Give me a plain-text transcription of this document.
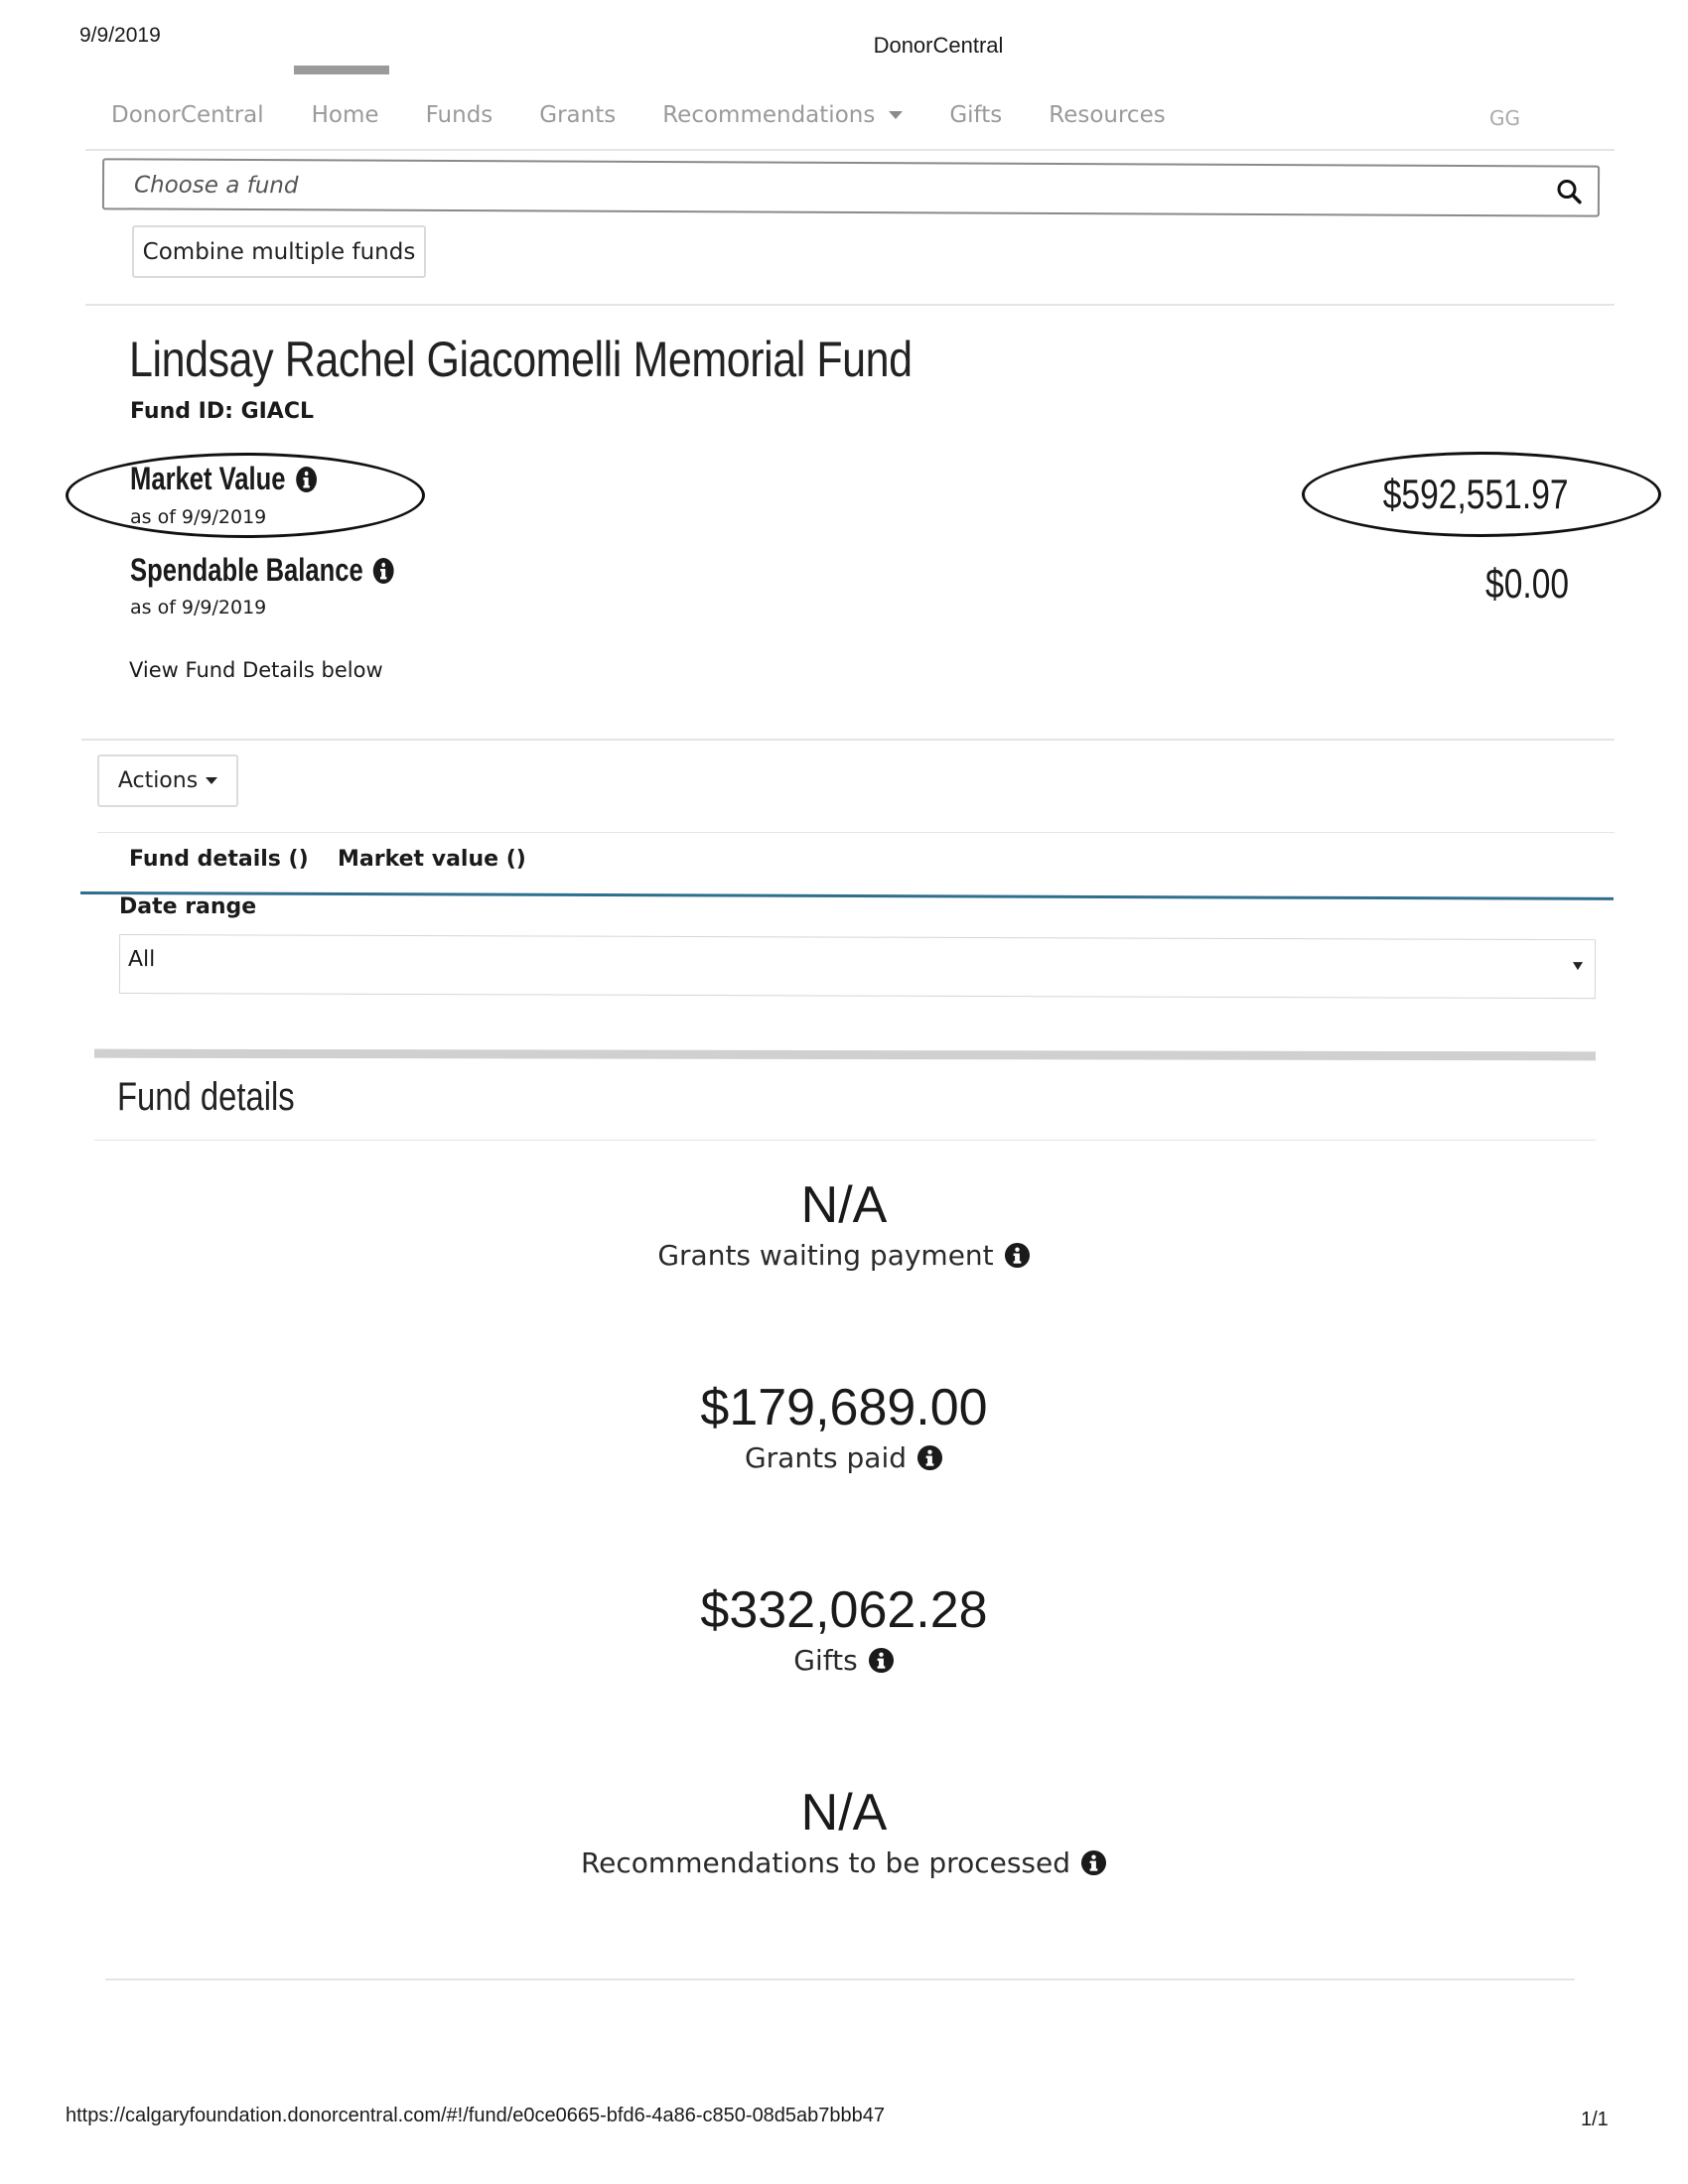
9/9/2019	DonorCentral
DonorCentral Home Funds Grants Recommendations	Gifts Resources	GG
Choose a fund
Combine multiple funds
Lindsay Rachel Giacomelli Memorial Fund
Fund ID: GIACL
Market Value
as of 9/9/2019	$592,551.97
Spendable Balance
as of 9/9/2019
$0.00
View Fund Details below
Actions
Fund details () Market value ()
Date range
All
Fund details
N/A
Grants waiting payment
$179,689.00
Grants paid
$332,062.28
Gifts
N/A
Recommendations to be processed
https://calgaryfoundation.donorcentral.com/#!/fund/e0ce0665-bfd6-4a86-c850-08d5ab7bbb47	1/1
